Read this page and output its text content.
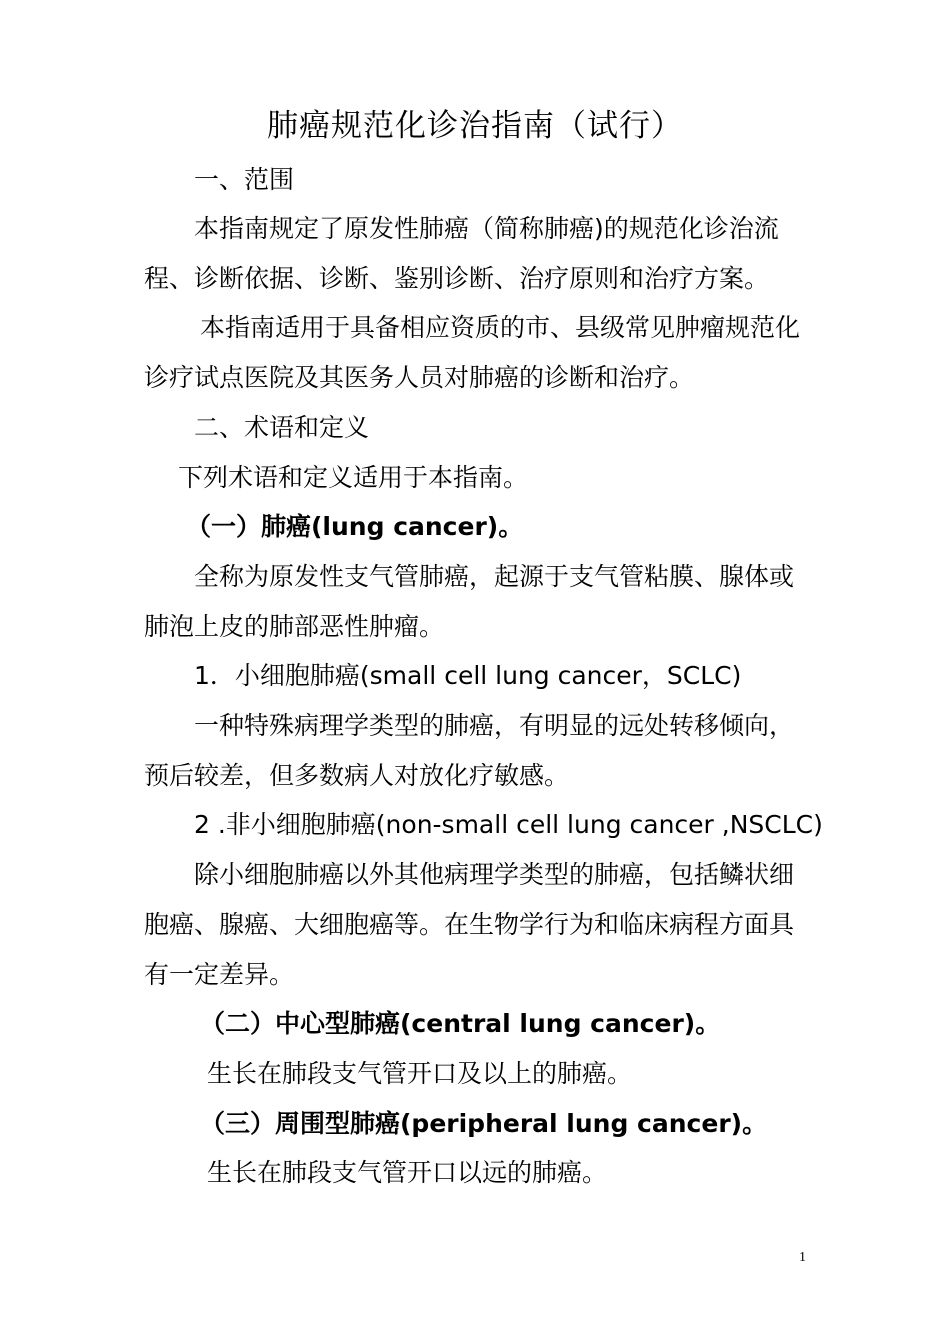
肺癌规范化诊治指南（试行）
一、范围
本指南规定了原发性肺癌（简称肺癌)的规范化诊治流
程、诊断依据、诊断、鉴别诊断、治疗原则和治疗方案。
本指南适用于具备相应资质的市、县级常见肿瘤规范化
诊疗试点医院及其医务人员对肺癌的诊断和治疗。
二、术语和定义
下列术语和定义适用于本指南。
（一）肺癌(lung cancer)。
全称为原发性支气管肺癌，起源于支气管粘膜、腺体或
肺泡上皮的肺部恶性肿瘤。
1．小细胞肺癌(small cell lung cancer，SCLC)
一种特殊病理学类型的肺癌，有明显的远处转移倾向，
预后较差，但多数病人对放化疗敏感。
2 .非小细胞肺癌(non-small cell lung cancer ,NSCLC)
除小细胞肺癌以外其他病理学类型的肺癌，包括鳞状细
胞癌、腺癌、大细胞癌等。在生物学行为和临床病程方面具
有一定差异。
（二）中心型肺癌(central lung cancer)。
生长在肺段支气管开口及以上的肺癌。
（三）周围型肺癌(peripheral lung cancer)。
生长在肺段支气管开口以远的肺癌。
1
